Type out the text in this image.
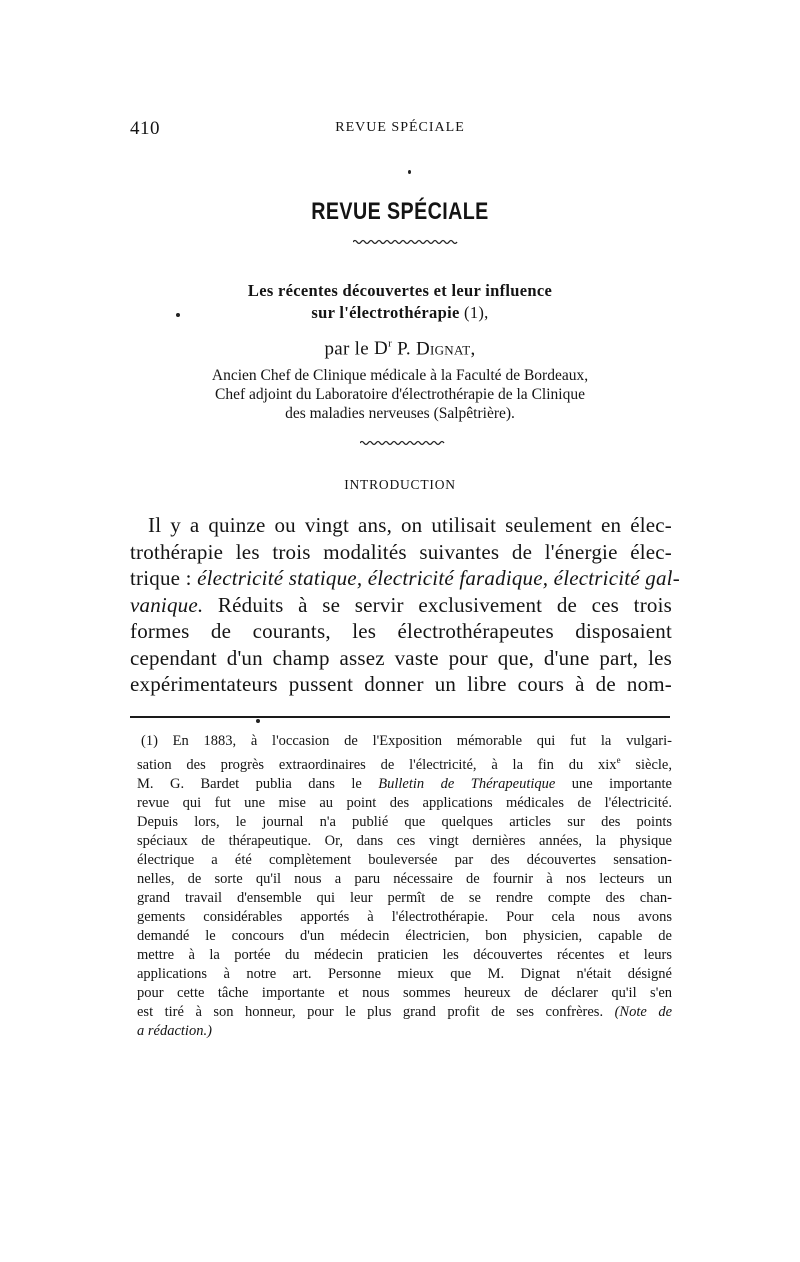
410	REVUE SPÉCIALE
REVUE SPÉCIALE
Les récentes découvertes et leur influence
sur l'électrothérapie (1),
par le $D^r$ P. Dignat,
Ancien Chef de Clinique médicale à la Faculté de Bordeaux,
Chef adjoint du Laboratoire d'électrothérapie de la Clinique
des maladies nerveuses (Salpêtrière).
INTRODUCTION
Il y a quinze ou vingt ans, on utilisait seulement en élec-
trothérapie les trois modalités suivantes de l'énergie élec-
trique : électricité statique, électricité faradique, électricité gal-
vanique. Réduits à se servir exclusivement de ces trois
formes de courants, les électrothérapeutes disposaient
cependant d'un champ assez vaste pour que, d'une part, les
expérimentateurs pussent donner un libre cours à de nom-
(1) En 1883, à l'occasion de l'Exposition mémorable qui fut la vulgari-
sation des progrès extraordinaires de l'électricité, à la fin du xix$^e$ siècle,
M. G. Bardet publia dans le Bulletin de Thérapeutique une importante
revue qui fut une mise au point des applications médicales de l'électricité.
Depuis lors, le journal n'a publié que quelques articles sur des points
spéciaux de thérapeutique. Or, dans ces vingt dernières années, la physique
électrique a été complètement bouleversée par des découvertes sensation-
nelles, de sorte qu'il nous a paru nécessaire de fournir à nos lecteurs un
grand travail d'ensemble qui leur permît de se rendre compte des chan-
gements considérables apportés à l'électrothérapie. Pour cela nous avons
demandé le concours d'un médecin électricien, bon physicien, capable de
mettre à la portée du médecin praticien les découvertes récentes et leurs
applications à notre art. Personne mieux que M. Dignat n'était désigné
pour cette tâche importante et nous sommes heureux de déclarer qu'il s'en
est tiré à son honneur, pour le plus grand profit de ses confrères. (Note de
a rédaction.)
